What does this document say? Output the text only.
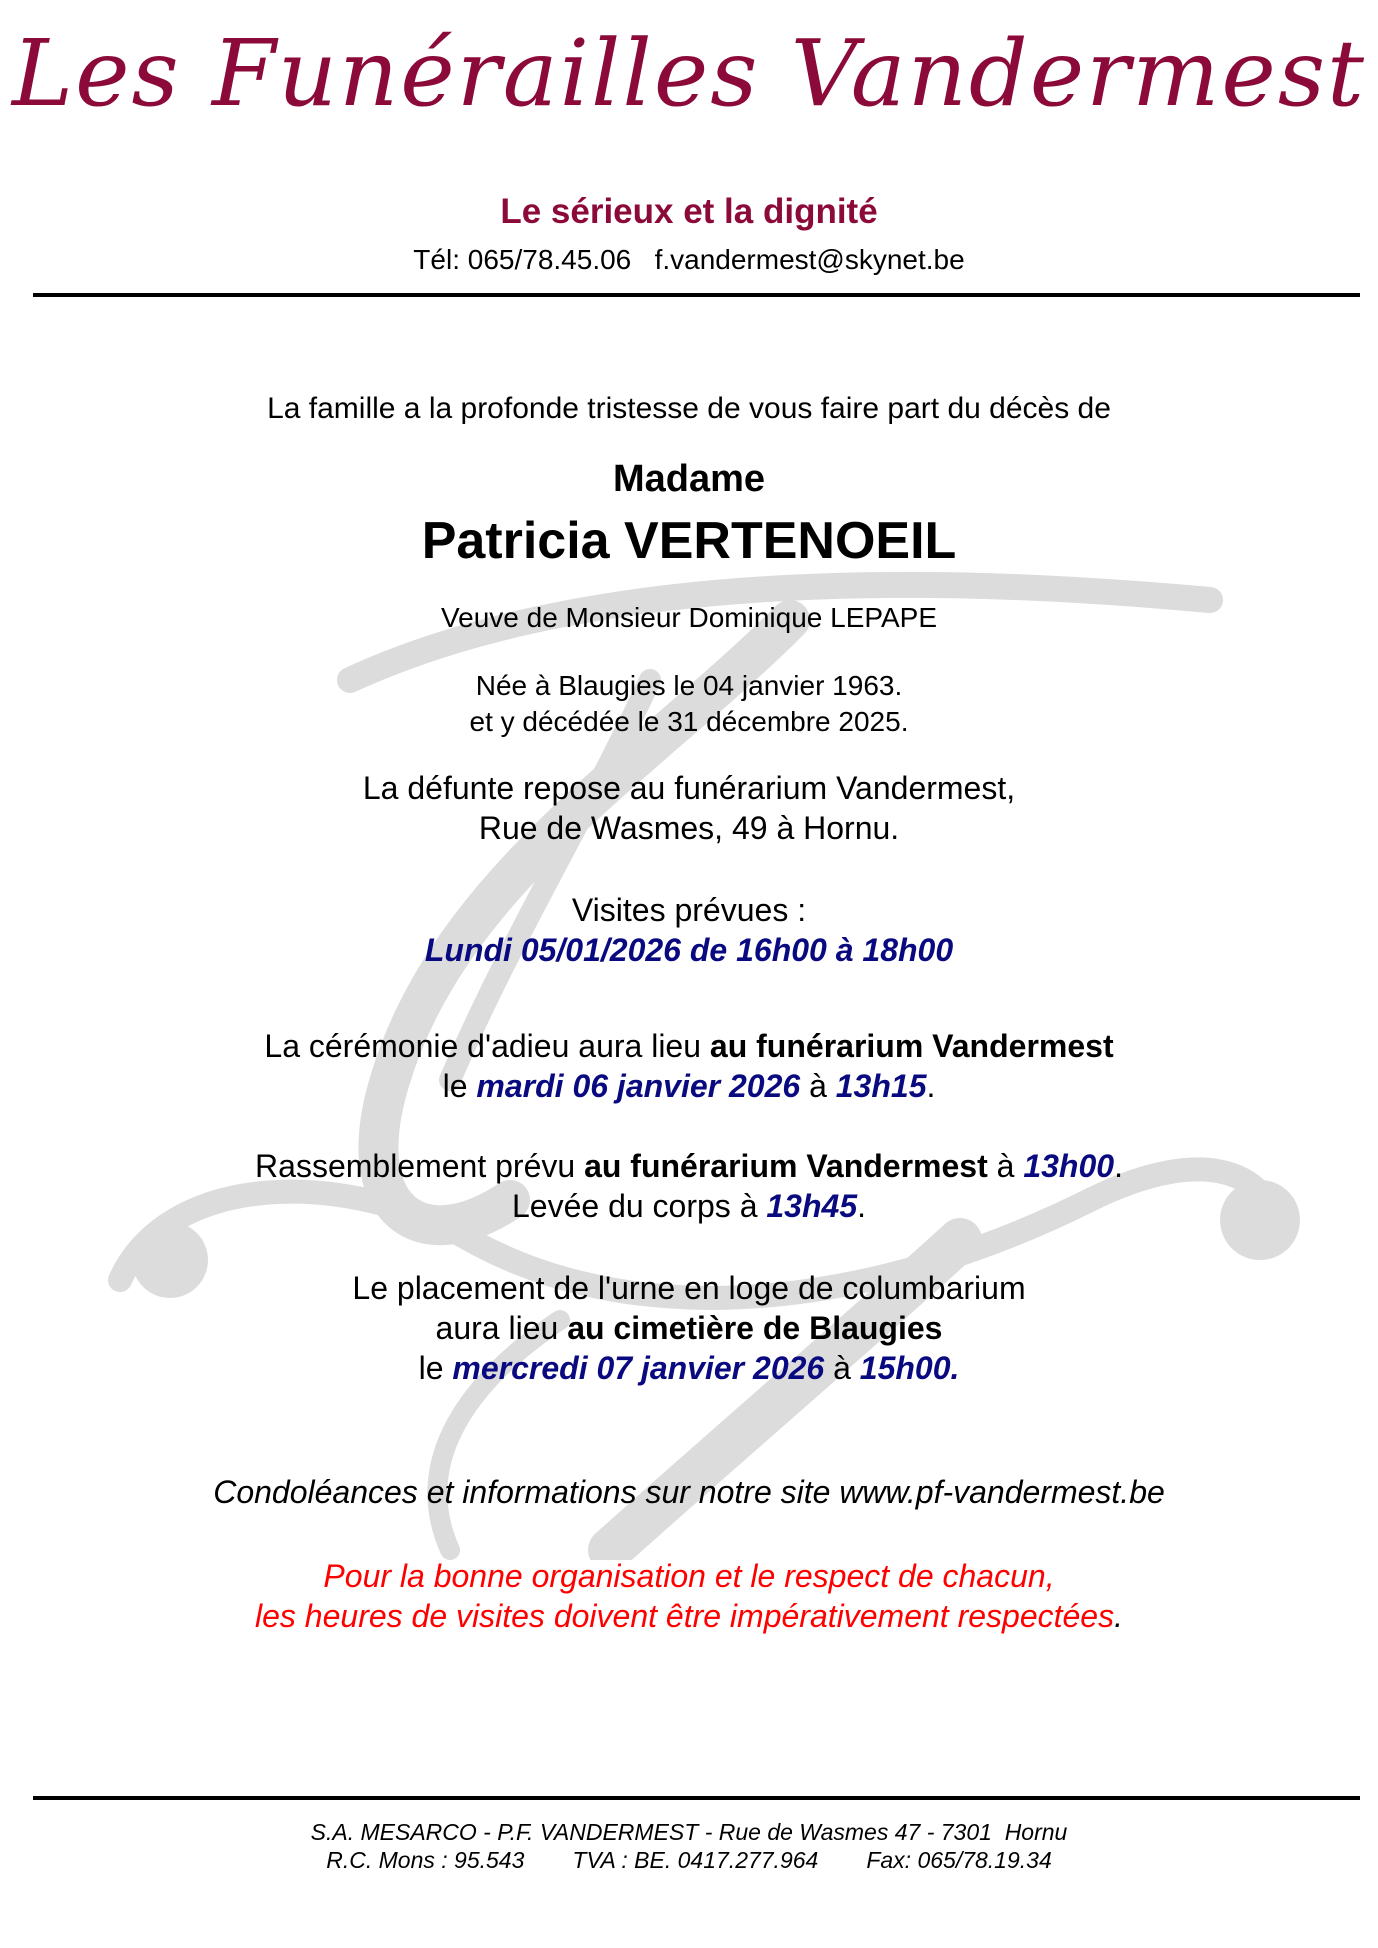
Les Funérailles Vandermest
Le sérieux et la dignité
Tél: 065/78.45.06   f.vandermest@skynet.be
La famille a la profonde tristesse de vous faire part du décès de
Madame
Patricia VERTENOEIL
Veuve de Monsieur Dominique LEPAPE
Née à Blaugies le 04 janvier 1963.
et y décédée le 31 décembre 2025.
La défunte repose au funérarium Vandermest,
Rue de Wasmes, 49 à Hornu.
Visites prévues :
Lundi 05/01/2026 de 16h00 à 18h00
La cérémonie d'adieu aura lieu au funérarium Vandermest
le mardi 06 janvier 2026 à 13h15.
Rassemblement prévu au funérarium Vandermest à 13h00.
Levée du corps à 13h45.
Le placement de l'urne en loge de columbarium
aura lieu au cimetière de Blaugies
le mercredi 07 janvier 2026 à 15h00.
Condoléances et informations sur notre site www.pf-vandermest.be
Pour la bonne organisation et le respect de chacun,
les heures de visites doivent être impérativement respectées.
S.A. MESARCO - P.F. VANDERMEST - Rue de Wasmes 47 - 7301  Hornu
R.C. Mons : 95.543 TVA : BE. 0417.277.964 Fax: 065/78.19.34
